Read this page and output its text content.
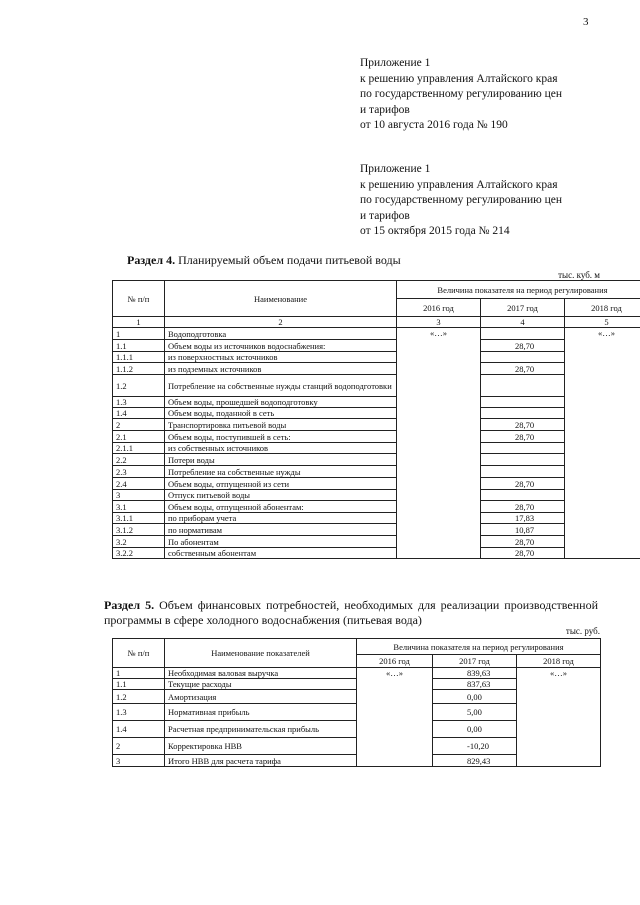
3
Приложение 1
к решению управления Алтайского края
по государственному регулированию цен
и тарифов
от 10 августа 2016 года № 190
Приложение 1
к решению управления Алтайского края
по государственному регулированию цен
и тарифов
от 15 октября 2015 года № 214
Раздел 4. Планируемый объем подачи питьевой воды
тыс. куб. м
№ п/п	Наименование	Величина показателя на период регулирования		
		2016 год	2017 год	2018 год
1	2	3	4	5
1	Водоподготовка	«…»		«…»
1.1	Объем воды из источников водоснабжения:		28,70	
1.1.1	из поверхностных источников			
1.1.2	из подземных источников		28,70	
1.2	Потребление на собственные нужды станций водоподготовки			
1.3	Объем воды, прошедшей водоподготовку			
1.4	Объем воды, поданной в сеть			
2	Транспортировка питьевой воды		28,70	
2.1	Объем воды, поступившей в сеть:		28,70	
2.1.1	из собственных источников			
2.2	Потери воды			
2.3	Потребление на собственные нужды			
2.4	Объем воды, отпущенной из сети		28,70	
3	Отпуск питьевой воды			
3.1	Объем воды, отпущенной абонентам:		28,70	
3.1.1	по приборам учета		17,83	
3.1.2	по нормативам		10,87	
3.2	По абонентам		28,70	
3.2.2	собственным абонентам		28,70	
Раздел 5. Объем финансовых потребностей, необходимых для реализации производственной программы в сфере холодного водоснабжения (питьевая вода)
тыс. руб.
№ п/п	Наименование показателей	Величина показателя на период регулирования		
		2016 год	2017 год	2018 год
1	Необходимая валовая выручка	«…»	839,63	«…»
1.1	Текущие расходы		837,63	
1.2	Амортизация		0,00	
1.3	Нормативная прибыль		5,00	
1.4	Расчетная предпринимательская прибыль		0,00	
2	Корректировка НВВ		-10,20	
3	Итого НВВ для расчета тарифа		829,43	
